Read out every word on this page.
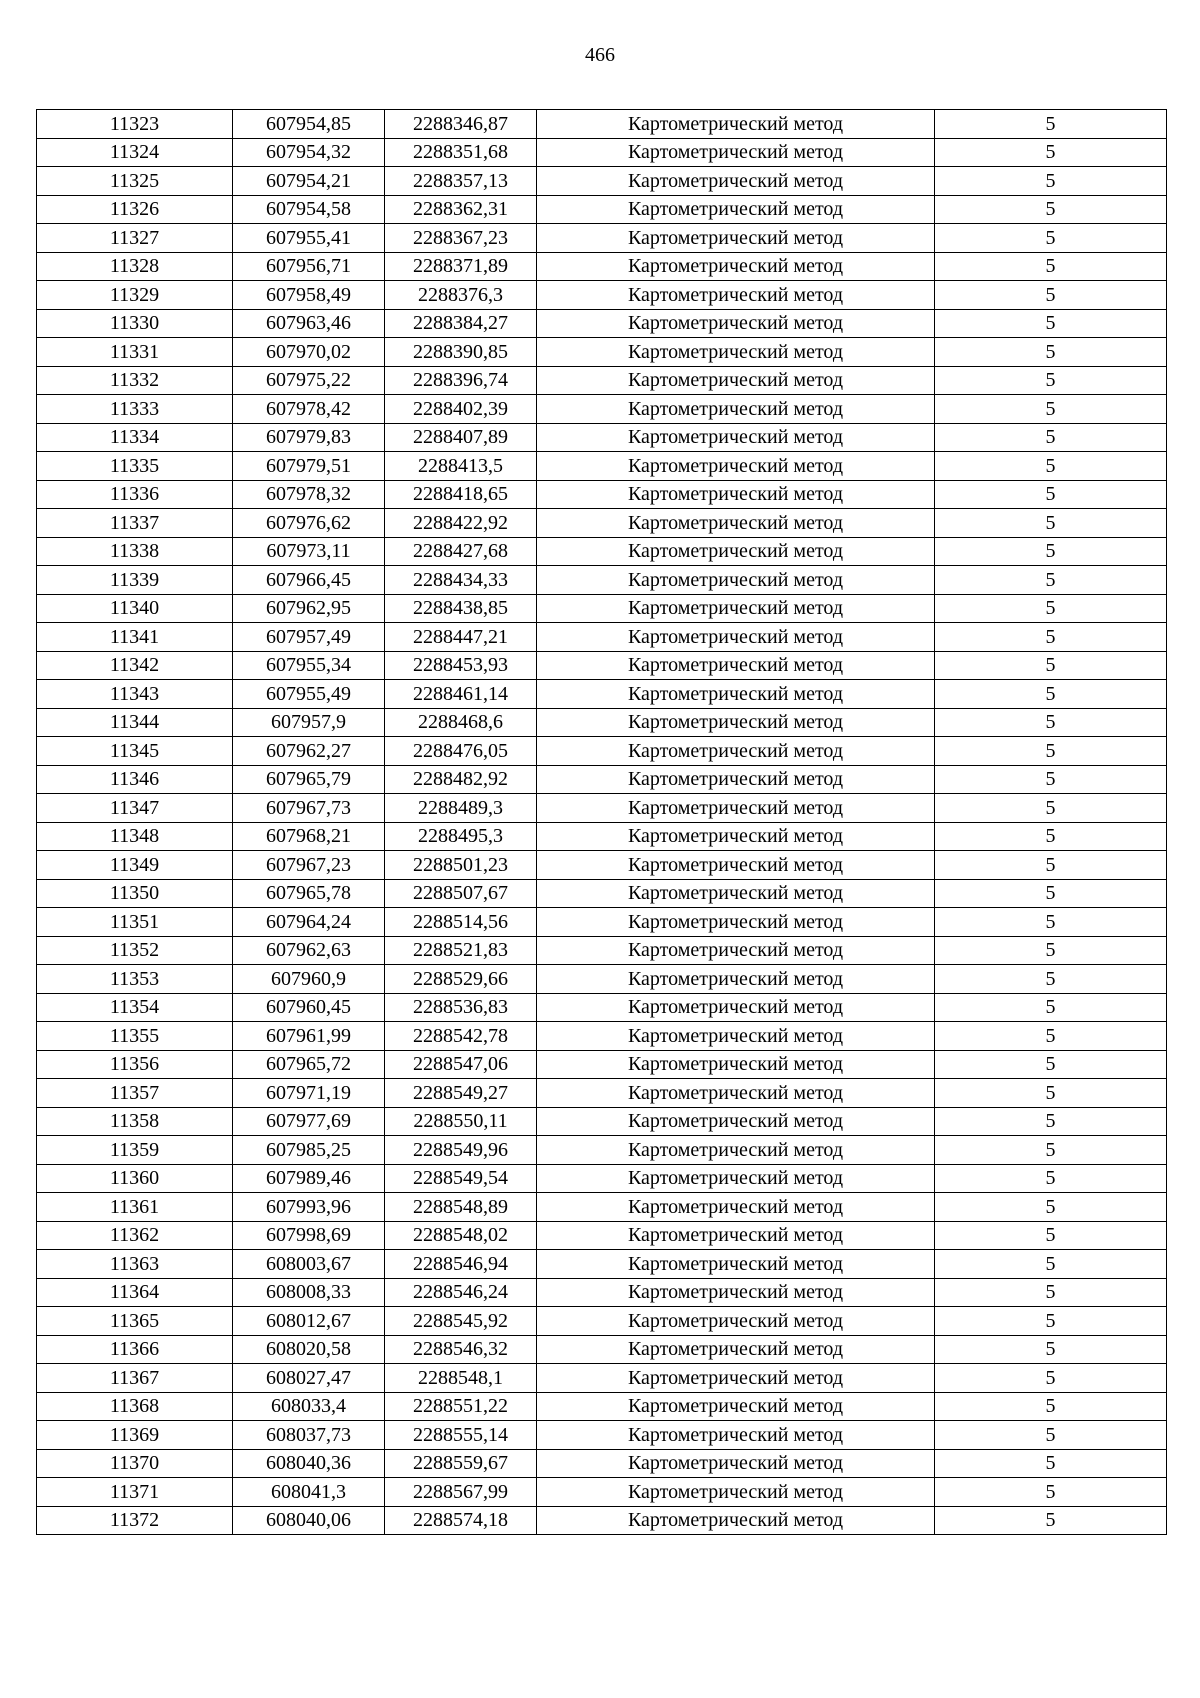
466
11323	607954,85	2288346,87	Картометрический метод	5
11324	607954,32	2288351,68	Картометрический метод	5
11325	607954,21	2288357,13	Картометрический метод	5
11326	607954,58	2288362,31	Картометрический метод	5
11327	607955,41	2288367,23	Картометрический метод	5
11328	607956,71	2288371,89	Картометрический метод	5
11329	607958,49	2288376,3	Картометрический метод	5
11330	607963,46	2288384,27	Картометрический метод	5
11331	607970,02	2288390,85	Картометрический метод	5
11332	607975,22	2288396,74	Картометрический метод	5
11333	607978,42	2288402,39	Картометрический метод	5
11334	607979,83	2288407,89	Картометрический метод	5
11335	607979,51	2288413,5	Картометрический метод	5
11336	607978,32	2288418,65	Картометрический метод	5
11337	607976,62	2288422,92	Картометрический метод	5
11338	607973,11	2288427,68	Картометрический метод	5
11339	607966,45	2288434,33	Картометрический метод	5
11340	607962,95	2288438,85	Картометрический метод	5
11341	607957,49	2288447,21	Картометрический метод	5
11342	607955,34	2288453,93	Картометрический метод	5
11343	607955,49	2288461,14	Картометрический метод	5
11344	607957,9	2288468,6	Картометрический метод	5
11345	607962,27	2288476,05	Картометрический метод	5
11346	607965,79	2288482,92	Картометрический метод	5
11347	607967,73	2288489,3	Картометрический метод	5
11348	607968,21	2288495,3	Картометрический метод	5
11349	607967,23	2288501,23	Картометрический метод	5
11350	607965,78	2288507,67	Картометрический метод	5
11351	607964,24	2288514,56	Картометрический метод	5
11352	607962,63	2288521,83	Картометрический метод	5
11353	607960,9	2288529,66	Картометрический метод	5
11354	607960,45	2288536,83	Картометрический метод	5
11355	607961,99	2288542,78	Картометрический метод	5
11356	607965,72	2288547,06	Картометрический метод	5
11357	607971,19	2288549,27	Картометрический метод	5
11358	607977,69	2288550,11	Картометрический метод	5
11359	607985,25	2288549,96	Картометрический метод	5
11360	607989,46	2288549,54	Картометрический метод	5
11361	607993,96	2288548,89	Картометрический метод	5
11362	607998,69	2288548,02	Картометрический метод	5
11363	608003,67	2288546,94	Картометрический метод	5
11364	608008,33	2288546,24	Картометрический метод	5
11365	608012,67	2288545,92	Картометрический метод	5
11366	608020,58	2288546,32	Картометрический метод	5
11367	608027,47	2288548,1	Картометрический метод	5
11368	608033,4	2288551,22	Картометрический метод	5
11369	608037,73	2288555,14	Картометрический метод	5
11370	608040,36	2288559,67	Картометрический метод	5
11371	608041,3	2288567,99	Картометрический метод	5
11372	608040,06	2288574,18	Картометрический метод	5
